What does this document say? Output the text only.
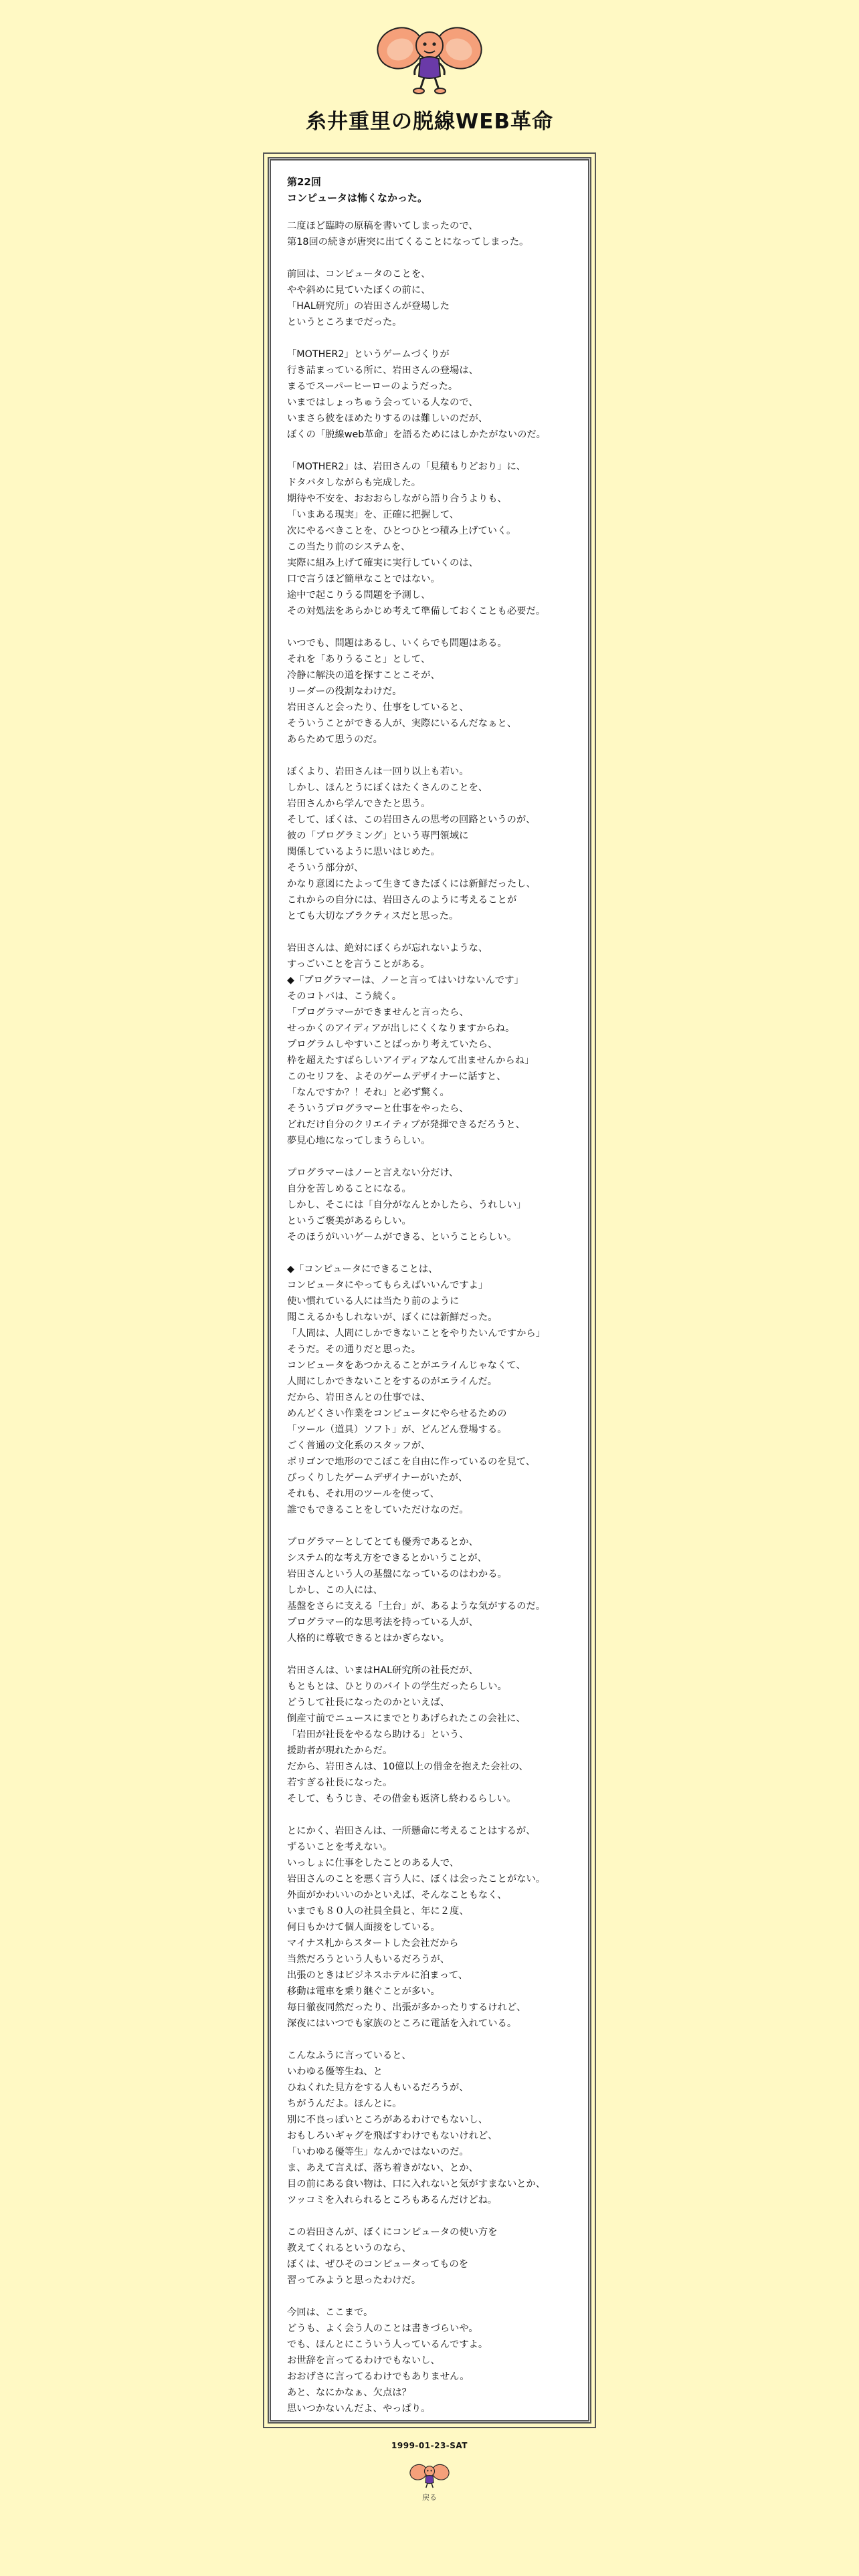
糸井重里の脱線WEB革命

第22回

コンピュータは怖くなかった。

二度ほど臨時の原稿を書いてしまったので、
第18回の続きが唐突に出てくることになってしまった。

前回は、コンピュータのことを、
やや斜めに見ていたぼくの前に、
「HAL研究所」の岩田さんが登場した
というところまでだった。

「MOTHER2」というゲームづくりが
行き詰まっている所に、岩田さんの登場は、
まるでスーパーヒーローのようだった。
いまではしょっちゅう会っている人なので、
いまさら彼をほめたりするのは難しいのだが、
ぼくの「脱線web革命」を語るためにはしかたがないのだ。

「MOTHER2」は、岩田さんの「見積もりどおり」に、
ドタバタしながらも完成した。
期待や不安を、おおおらしながら語り合うよりも、
「いまある現実」を、正確に把握して、
次にやるべきことを、ひとつひとつ積み上げていく。
この当たり前のシステムを、
実際に組み上げて確実に実行していくのは、
口で言うほど簡単なことではない。
途中で起こりうる問題を予測し、
その対処法をあらかじめ考えて準備しておくことも必要だ。

いつでも、問題はあるし、いくらでも問題はある。
それを「ありうること」として、
冷静に解決の道を探すことこそが、
リーダーの役割なわけだ。
岩田さんと会ったり、仕事をしていると、
そういうことができる人が、実際にいるんだなぁと、
あらためて思うのだ。

ぼくより、岩田さんは一回り以上も若い。
しかし、ほんとうにぼくはたくさんのことを、
岩田さんから学んできたと思う。
そして、ぼくは、この岩田さんの思考の回路というのが、
彼の「プログラミング」という専門領域に
関係しているように思いはじめた。
そういう部分が、
かなり意図にたよって生きてきたぼくには新鮮だったし、
これからの自分には、岩田さんのように考えることが
とても大切なプラクティスだと思った。

岩田さんは、絶対にぼくらが忘れないような、
すっごいことを言うことがある。
◆「プログラマーは、ノーと言ってはいけないんです」
そのコトバは、こう続く。
「プログラマーができませんと言ったら、
せっかくのアイディアが出しにくくなりますからね。
プログラムしやすいことばっかり考えていたら、
枠を超えたすばらしいアイディアなんて出ませんからね」
このセリフを、よそのゲームデザイナーに話すと、
「なんですか？！それ」と必ず驚く。
そういうプログラマーと仕事をやったら、
どれだけ自分のクリエイティブが発揮できるだろうと、
夢見心地になってしまうらしい。

プログラマーはノーと言えない分だけ、
自分を苦しめることになる。
しかし、そこには「自分がなんとかしたら、うれしい」
というご褒美があるらしい。
そのほうがいいゲームができる、ということらしい。

◆「コンピュータにできることは、
コンピュータにやってもらえばいいんですよ」
使い慣れている人には当たり前のように
聞こえるかもしれないが、ぼくには新鮮だった。
「人間は、人間にしかできないことをやりたいんですから」
そうだ。その通りだと思った。
コンピュータをあつかえることがエライんじゃなくて、
人間にしかできないことをするのがエライんだ。
だから、岩田さんとの仕事では、
めんどくさい作業をコンピュータにやらせるための
「ツール（道具）ソフト」が、どんどん登場する。
ごく普通の文化系のスタッフが、
ポリゴンで地形のでこぼこを自由に作っているのを見て、
びっくりしたゲームデザイナーがいたが、
それも、それ用のツールを使って、
誰でもできることをしていただけなのだ。

プログラマーとしてとても優秀であるとか、
システム的な考え方をできるとかいうことが、
岩田さんという人の基盤になっているのはわかる。
しかし、この人には、
基盤をさらに支える「土台」が、あるような気がするのだ。
プログラマー的な思考法を持っている人が、
人格的に尊敬できるとはかぎらない。

岩田さんは、いまはHAL研究所の社長だが、
もともとは、ひとりのバイトの学生だったらしい。
どうして社長になったのかといえば、
倒産寸前でニュースにまでとりあげられたこの会社に、
「岩田が社長をやるなら助ける」という、
援助者が現れたからだ。
だから、岩田さんは、10億以上の借金を抱えた会社の、
若すぎる社長になった。
そして、もうじき、その借金も返済し終わるらしい。

とにかく、岩田さんは、一所懸命に考えることはするが、
ずるいことを考えない。
いっしょに仕事をしたことのある人で、
岩田さんのことを悪く言う人に、ぼくは会ったことがない。
外面がかわいいのかといえば、そんなこともなく、
いまでも８０人の社員全員と、年に２度、
何日もかけて個人面接をしている。
マイナス札からスタートした会社だから
当然だろうという人もいるだろうが、
出張のときはビジネスホテルに泊まって、
移動は電車を乗り継ぐことが多い。
毎日徹夜同然だったり、出張が多かったりするけれど、
深夜にはいつでも家族のところに電話を入れている。

こんなふうに言っていると、
いわゆる優等生ね、と
ひねくれた見方をする人もいるだろうが、
ちがうんだよ。ほんとに。
別に不良っぽいところがあるわけでもないし、
おもしろいギャグを飛ばすわけでもないけれど、
「いわゆる優等生」なんかではないのだ。
ま、あえて言えば、落ち着きがない、とか、
目の前にある食い物は、口に入れないと気がすまないとか、
ツッコミを入れられるところもあるんだけどね。

この岩田さんが、ぼくにコンピュータの使い方を
教えてくれるというのなら、
ぼくは、ぜひそのコンピュータってものを
習ってみようと思ったわけだ。

今回は、ここまで。
どうも、よく会う人のことは書きづらいや。
でも、ほんとにこういう人っているんですよ。
お世辞を言ってるわけでもないし、
おおげさに言ってるわけでもありません。
あと、なにかなぁ、欠点は？
思いつかないんだよ、やっぱり。

1999-01-23-SAT
戻る
